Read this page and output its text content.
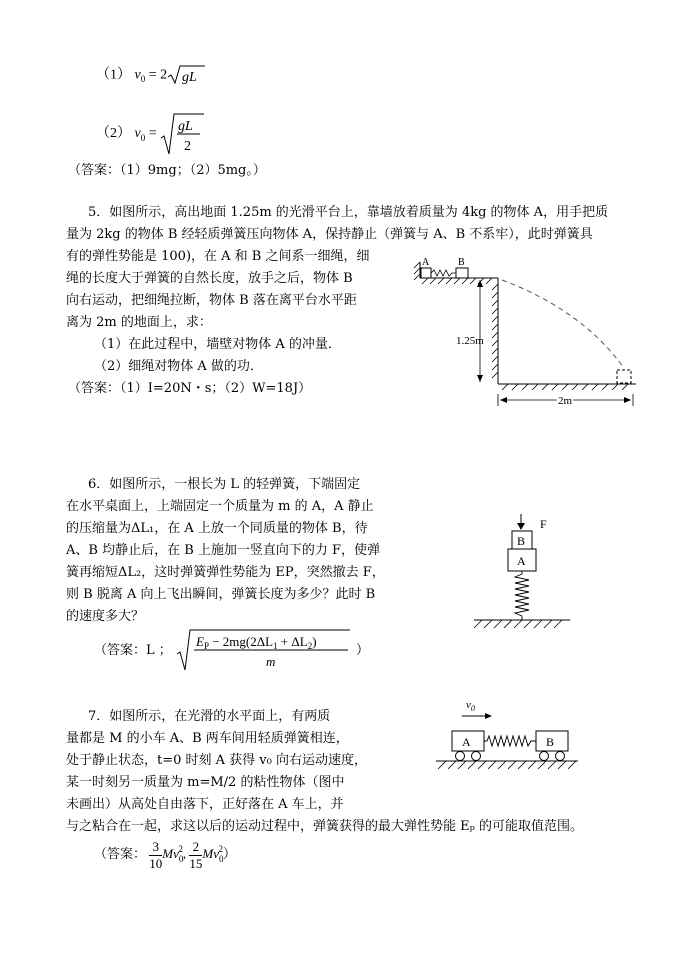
（1） $v_0 = 2$ gL
（2） $v_0$ = gL
2
（答案：（1）9mg；（2）5mg。）
5．如图所示，高出地面 1.25m 的光滑平台上，靠墙放着质量为 4kg 的物体 A，用手把质
量为 2kg 的物体 B 经轻质弹簧压向物体 A，保持静止（弹簧与 A、B 不系牢），此时弹簧具
有的弹性势能是 100)，在 A 和 B 之间系一细绳，细
绳的长度大于弹簧的自然长度，放手之后，物体 B
向右运动，把细绳拉断，物体 B 落在离平台水平距
离为 2m 的地面上，求：
（1）在此过程中，墙壁对物体 A 的冲量．
（2）细绳对物体 A 做的功．
（答案：（1）I=20N・s；（2）W=18J）
A	B
1.25m
2m
6．如图所示，一根长为 L 的轻弹簧，下端固定
在水平桌面上，上端固定一个质量为 m 的 A，A 静止
的压缩量为ΔL₁，在 A 上放一个同质量的物体 B，待
A、B 均静止后，在 B 上施加一竖直向下的力 F，使弹
簧再缩短ΔL₂，这时弹簧弹性势能为 EP，突然撤去 F，
则 B 脱离 A 向上飞出瞬间，弹簧长度为多少？此时 B
的速度多大？
（答案：L ；
$E_P - 2mg(2\Delta L_1 + \Delta L_2)$
m
）
F
B
A
7．如图所示，在光滑的水平面上，有两质
量都是 M 的小车 A、B 两车间用轻质弹簧相连，
处于静止状态，t=0 时刻 A 获得 v₀ 向右运动速度，
某一时刻另一质量为 m=M/2 的粘性物体（图中
未画出）从高处自由落下，正好落在 A 车上，并
与之粘合在一起，求这以后的运动过程中，弹簧获得的最大弹性势能 Eₚ 的可能取值范围。
（答案： $\frac{3}{10} Mv_0^2$, $\frac{2}{15} Mv_0^2$）
$v_0$
A	B
